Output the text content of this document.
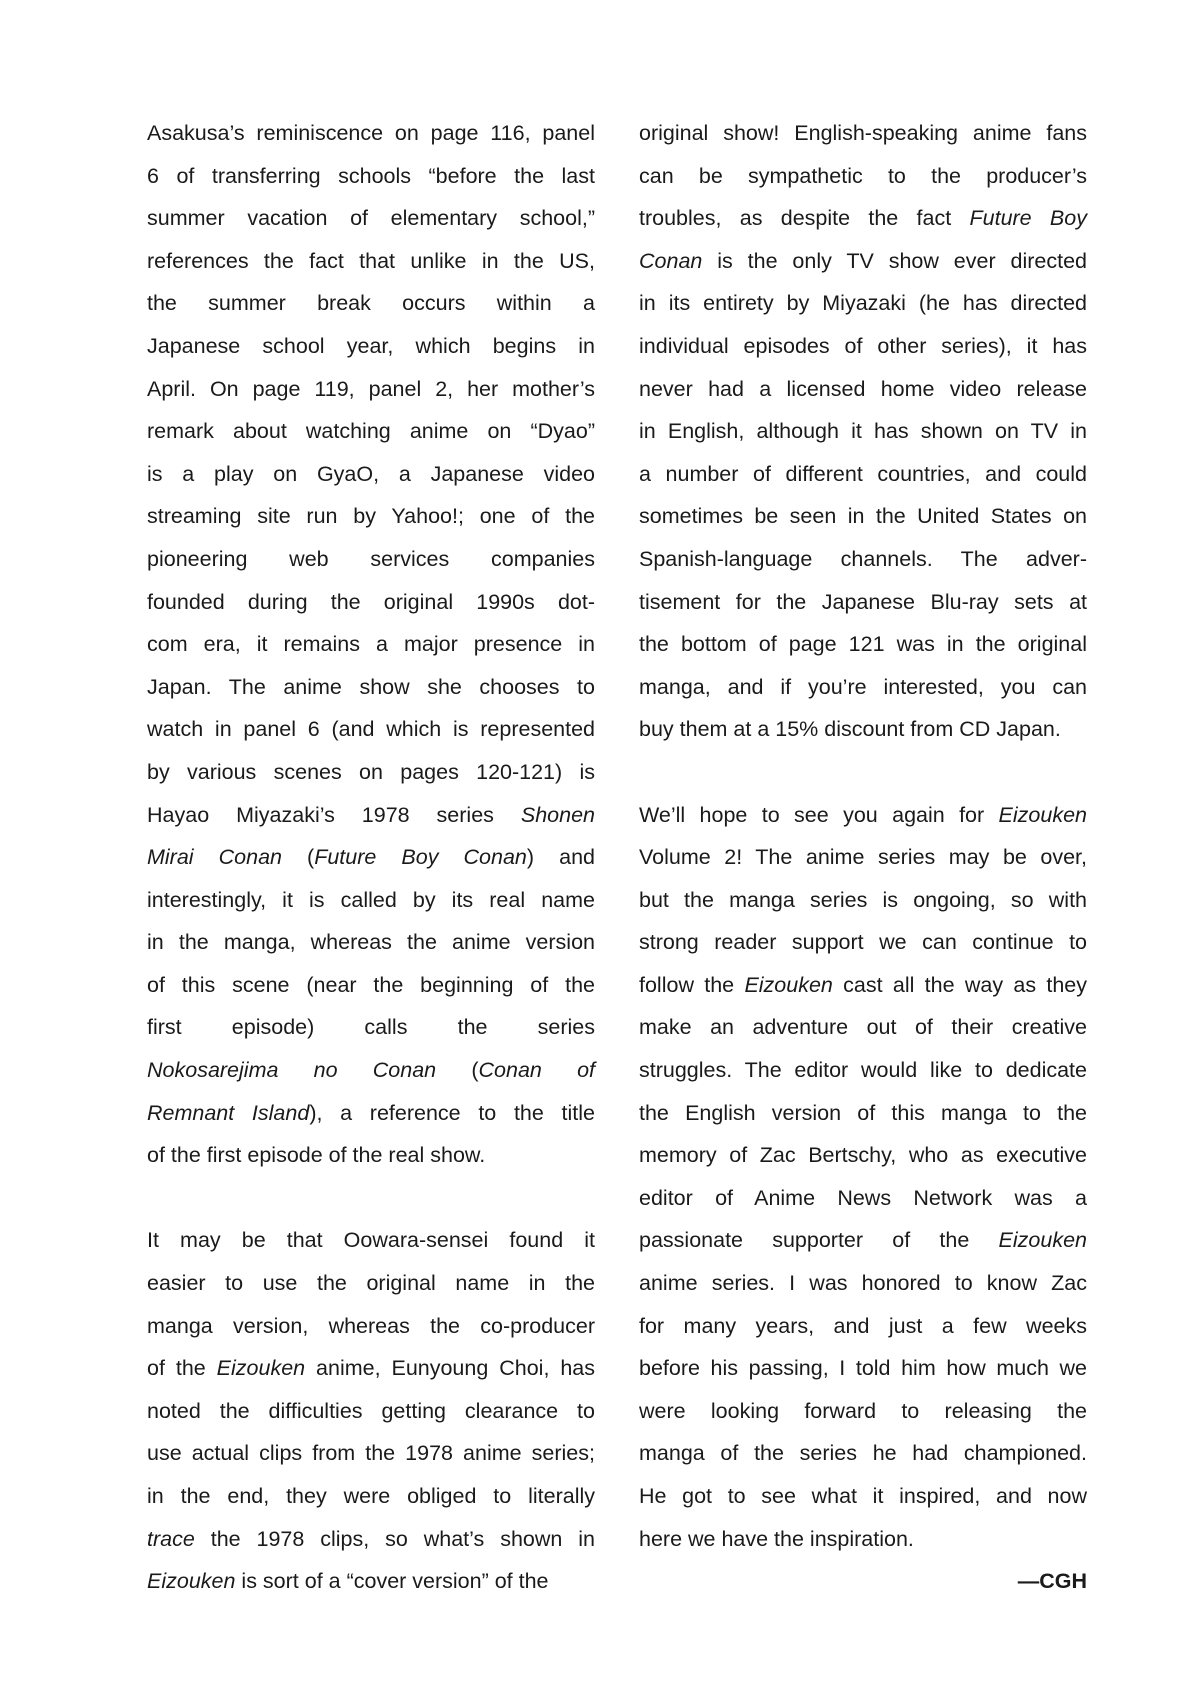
Asakusa’s reminiscence on page 116, panel
6 of transferring schools “before the last
summer vacation of elementary school,”
references the fact that unlike in the US,
the summer break occurs within a
Japanese school year, which begins in
April. On page 119, panel 2, her mother’s
remark about watching anime on “Dyao”
is a play on GyaO, a Japanese video
streaming site run by Yahoo!; one of the
pioneering web services companies
founded during the original 1990s dot-
com era, it remains a major presence in
Japan. The anime show she chooses to
watch in panel 6 (and which is represented
by various scenes on pages 120-121) is
Hayao Miyazaki’s 1978 series Shonen
Mirai Conan (Future Boy Conan) and
interestingly, it is called by its real name
in the manga, whereas the anime version
of this scene (near the beginning of the
first episode) calls the series
Nokosarejima no Conan (Conan of
Remnant Island), a reference to the title
of the first episode of the real show.

It may be that Oowara-sensei found it
easier to use the original name in the
manga version, whereas the co-producer
of the Eizouken anime, Eunyoung Choi, has
noted the difficulties getting clearance to
use actual clips from the 1978 anime series;
in the end, they were obliged to literally
trace the 1978 clips, so what’s shown in
Eizouken is sort of a “cover version” of the

original show! English-speaking anime fans
can be sympathetic to the producer’s
troubles, as despite the fact Future Boy
Conan is the only TV show ever directed
in its entirety by Miyazaki (he has directed
individual episodes of other series), it has
never had a licensed home video release
in English, although it has shown on TV in
a number of different countries, and could
sometimes be seen in the United States on
Spanish-language channels. The adver-
tisement for the Japanese Blu-ray sets at
the bottom of page 121 was in the original
manga, and if you’re interested, you can
buy them at a 15% discount from CD Japan.

We’ll hope to see you again for Eizouken
Volume 2! The anime series may be over,
but the manga series is ongoing, so with
strong reader support we can continue to
follow the Eizouken cast all the way as they
make an adventure out of their creative
struggles. The editor would like to dedicate
the English version of this manga to the
memory of Zac Bertschy, who as executive
editor of Anime News Network was a
passionate supporter of the Eizouken
anime series. I was honored to know Zac
for many years, and just a few weeks
before his passing, I told him how much we
were looking forward to releasing the
manga of the series he had championed.
He got to see what it inspired, and now
here we have the inspiration.

—CGH
